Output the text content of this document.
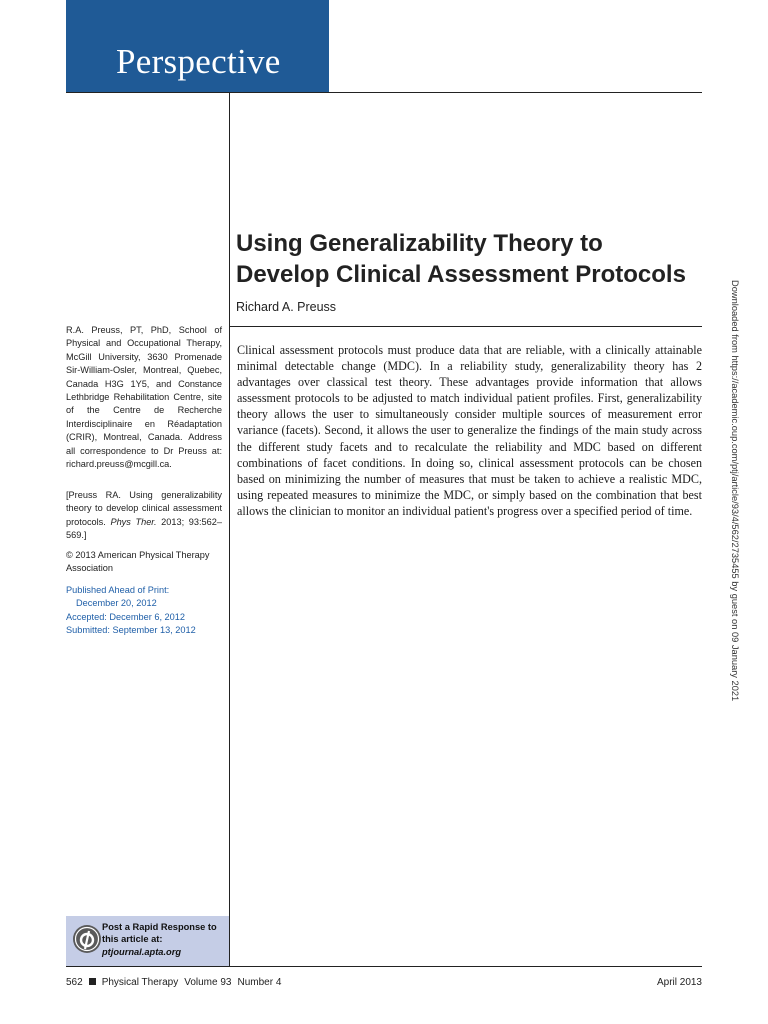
Perspective
Using Generalizability Theory to
Develop Clinical Assessment Protocols
Richard A. Preuss

Clinical assessment protocols must produce data that are reliable, with a clinically attainable minimal detectable change (MDC). In a reliability study, generalizability theory has 2 advantages over classical test theory. These advantages provide information that allows assessment protocols to be adjusted to match individual patient profiles. First, generalizability theory allows the user to simultaneously consider multiple sources of measurement error variance (facets). Second, it allows the user to generalize the findings of the main study across the different study facets and to recalculate the reliability and MDC based on different combinations of facet conditions. In doing so, clinical assessment protocols can be chosen based on minimizing the number of measures that must be taken to achieve a realistic MDC, using repeated measures to minimize the MDC, or simply based on the combination that best allows the clinician to monitor an individual patient's progress over a specified period of time.

R.A. Preuss, PT, PhD, School of Physical and Occupational Therapy, McGill University, 3630 Promenade Sir-William-Osler, Montreal, Quebec, Canada H3G 1Y5, and Constance Lethbridge Rehabilitation Centre, site of the Centre de Recherche Interdisciplinaire en Réadaptation (CRIR), Montreal, Canada. Address all correspondence to Dr Preuss at: richard.preuss@mcgill.ca.

[Preuss RA. Using generalizability theory to develop clinical assessment protocols. Phys Ther. 2013; 93:562–569.]

© 2013 American Physical Therapy Association

Published Ahead of Print:
December 20, 2012
Accepted: December 6, 2012
Submitted: September 13, 2012
Post a Rapid Response to
this article at:
ptjournal.apta.org
562 Physical Therapy Volume 93 Number 4	April 2013
Downloaded from https://academic.oup.com/ptj/article/93/4/562/2735455 by guest on 09 January 2021
